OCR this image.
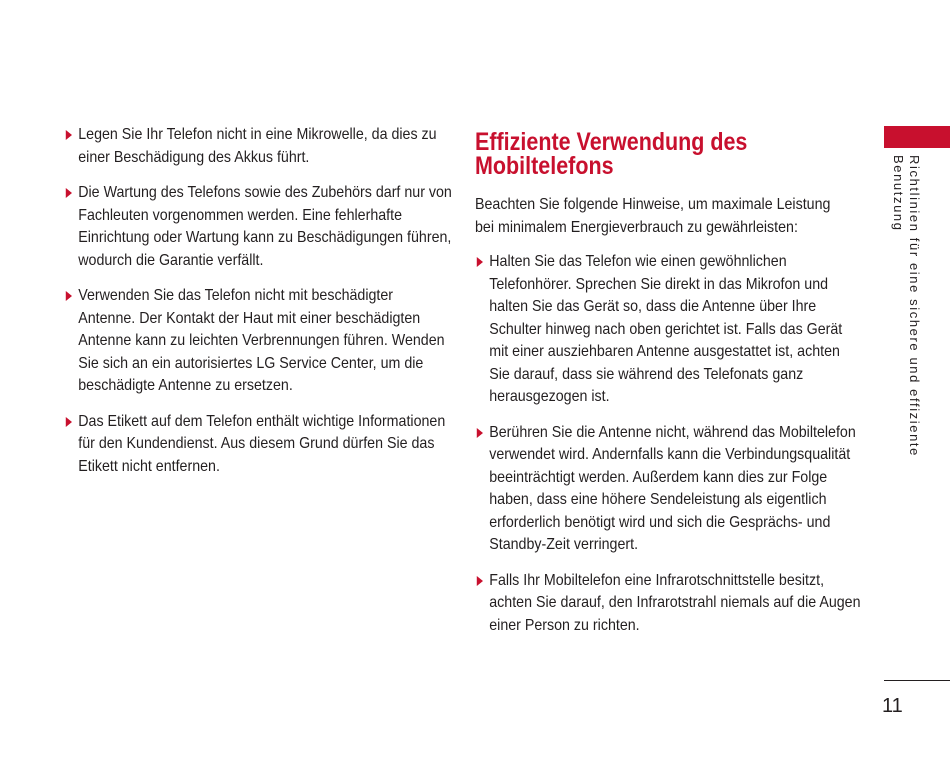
Legen Sie Ihr Telefon nicht in eine Mikrowelle, da dies zu einer Beschädigung des Akkus führt.
Die Wartung des Telefons sowie des Zubehörs darf nur von Fachleuten vorgenommen werden. Eine fehlerhafte Einrichtung oder Wartung kann zu Beschädigungen führen, wodurch die Garantie verfällt.
Verwenden Sie das Telefon nicht mit beschädigter Antenne. Der Kontakt der Haut mit einer beschädigten Antenne kann zu leichten Verbrennungen führen. Wenden Sie sich an ein autorisiertes LG Service Center, um die beschädigte Antenne zu ersetzen.
Das Etikett auf dem Telefon enthält wichtige Informationen für den Kundendienst. Aus diesem Grund dürfen Sie das Etikett nicht entfernen.
Effiziente Verwendung des Mobiltelefons

Beachten Sie folgende Hinweise, um maximale Leistung bei minimalem Energieverbrauch zu gewährleisten:

Halten Sie das Telefon wie einen gewöhnlichen Telefonhörer. Sprechen Sie direkt in das Mikrofon und halten Sie das Gerät so, dass die Antenne über Ihre Schulter hinweg nach oben gerichtet ist. Falls das Gerät mit einer ausziehbaren Antenne ausgestattet ist, achten Sie darauf, dass sie während des Telefonats ganz herausgezogen ist.
Berühren Sie die Antenne nicht, während das Mobiltelefon verwendet wird. Andernfalls kann die Verbindungsqualität beeinträchtigt werden. Außerdem kann dies zur Folge haben, dass eine höhere Sendeleistung als eigentlich erforderlich benötigt wird und sich die Gesprächs- und Standby-Zeit verringert.
Falls Ihr Mobiltelefon eine Infrarotschnittstelle besitzt, achten Sie darauf, den Infrarotstrahl niemals auf die Augen einer Person zu richten.
Richtlinien für eine sichere und effiziente
Benutzung
11
